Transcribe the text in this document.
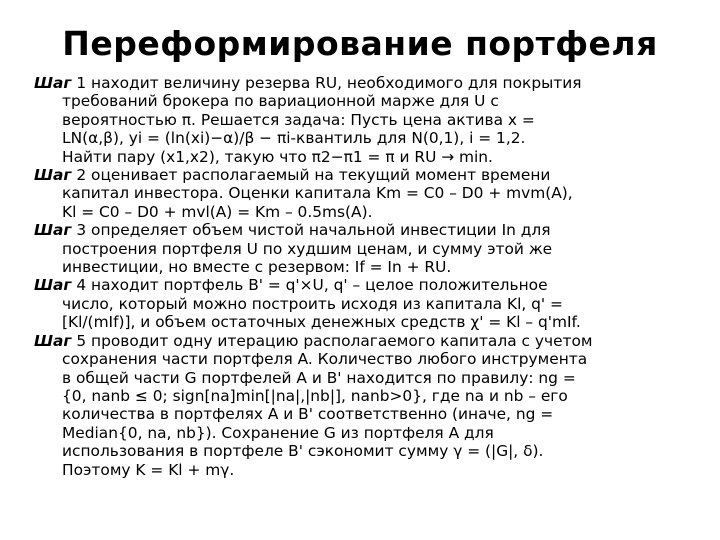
Переформирование портфеля

Шаг 1 находит величину резерва RU, необходимого для покрытия
требований брокера по вариационной марже для U с
вероятностью π. Решается задача: Пусть цена актива x =
LN(α,β), yi = (ln(xi)−α)/β − πi-квантиль для N(0,1), i = 1,2.
Найти пару (x1,x2), такую что π2−π1 = π и RU → min.

Шаг 2 оценивает располагаемый на текущий момент времени
капитал инвестора. Оценки капитала Km = C0 – D0 + mvm(A),
Kl = C0 – D0 + mvl(A) = Km – 0.5ms(A).

Шаг 3 определяет объем чистой начальной инвестиции In для
построения портфеля U по худшим ценам, и сумму этой же
инвестиции, но вместе с резервом: If = In + RU.

Шаг 4 находит портфель B' = q'×U, q' – целое положительное
число, который можно построить исходя из капитала Kl, q' =
[Kl/(mIf)], и объем остаточных денежных средств χ' = Kl – q'mIf.

Шаг 5 проводит одну итерацию располагаемого капитала с учетом
сохранения части портфеля A. Количество любого инструмента
в общей части G портфелей A и B' находится по правилу: ng =
{0, nanb ≤ 0; sign[na]min[|na|,|nb|], nanb>0}, где na и nb – его
количества в портфелях A и B' соответственно (иначе, ng =
Median{0, na, nb}). Сохранение G из портфеля A для
использования в портфеле B' сэкономит сумму γ = (|G|, δ).
Поэтому K = Kl + mγ.
